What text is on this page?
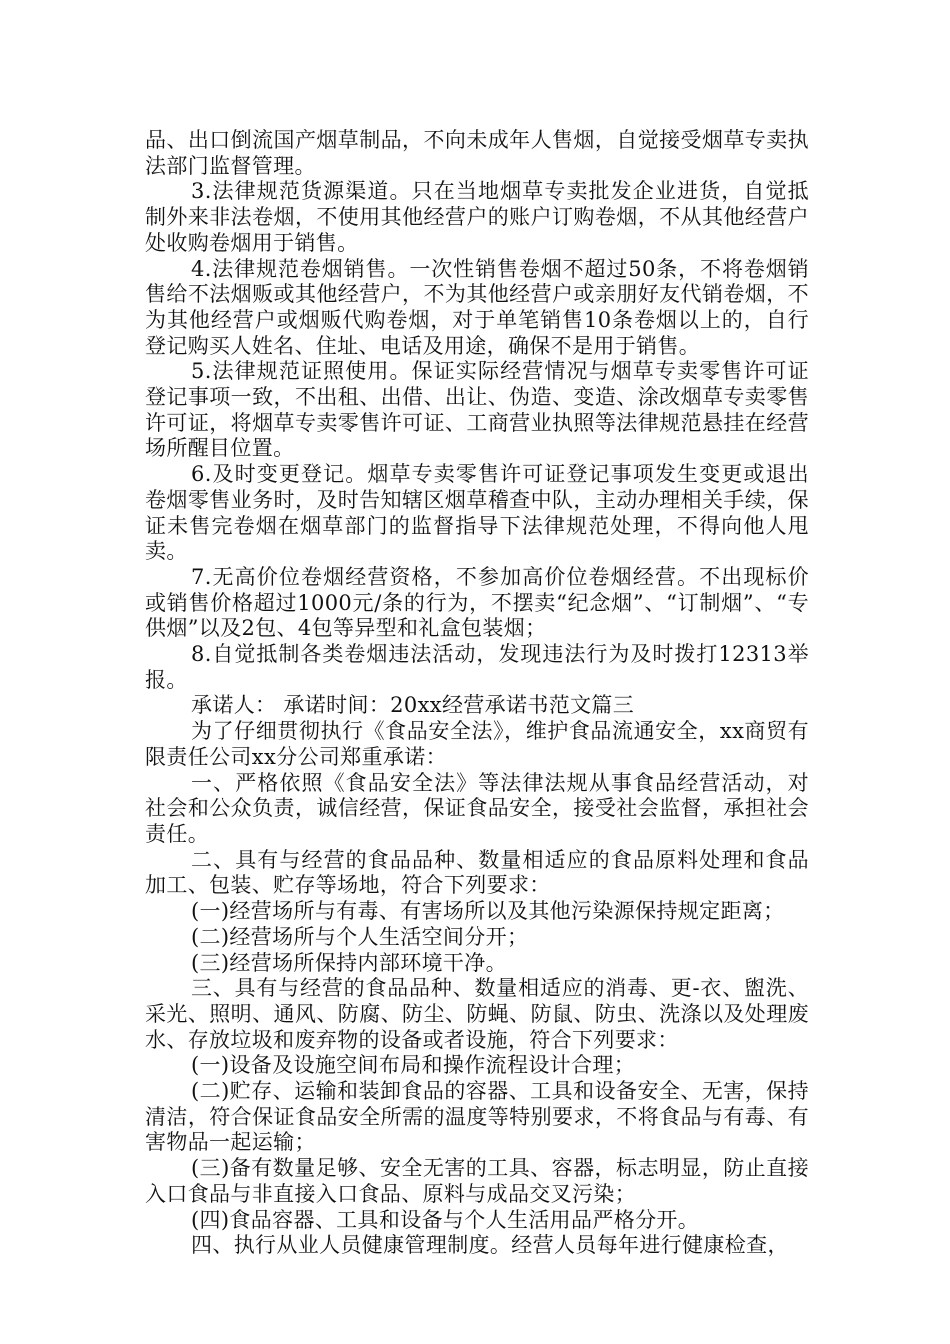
品、出口倒流国产烟草制品，不向未成年人售烟，自觉接受烟草专卖执法部门监督管理。

3.法律规范货源渠道。只在当地烟草专卖批发企业进货，自觉抵制外来非法卷烟，不使用其他经营户的账户订购卷烟，不从其他经营户处收购卷烟用于销售。

4.法律规范卷烟销售。一次性销售卷烟不超过50条，不将卷烟销售给不法烟贩或其他经营户，不为其他经营户或亲朋好友代销卷烟，不为其他经营户或烟贩代购卷烟，对于单笔销售10条卷烟以上的，自行登记购买人姓名、住址、电话及用途，确保不是用于销售。

5.法律规范证照使用。保证实际经营情况与烟草专卖零售许可证登记事项一致，不出租、出借、出让、伪造、变造、涂改烟草专卖零售许可证，将烟草专卖零售许可证、工商营业执照等法律规范悬挂在经营场所醒目位置。

6.及时变更登记。烟草专卖零售许可证登记事项发生变更或退出卷烟零售业务时，及时告知辖区烟草稽查中队，主动办理相关手续，保证未售完卷烟在烟草部门的监督指导下法律规范处理，不得向他人甩卖。

7.无高价位卷烟经营资格，不参加高价位卷烟经营。不出现标价或销售价格超过1000元/条的行为，不摆卖“纪念烟”、“订制烟”、“专供烟”以及2包、4包等异型和礼盒包装烟；

8.自觉抵制各类卷烟违法活动，发现违法行为及时拨打12313举报。

承诺人： 承诺时间：20xx经营承诺书范文篇三

为了仔细贯彻执行《食品安全法》，维护食品流通安全，xx商贸有限责任公司xx分公司郑重承诺：

一、严格依照《食品安全法》等法律法规从事食品经营活动，对社会和公众负责，诚信经营，保证食品安全，接受社会监督，承担社会责任。

二、具有与经营的食品品种、数量相适应的食品原料处理和食品加工、包装、贮存等场地，符合下列要求：

(一)经营场所与有毒、有害场所以及其他污染源保持规定距离；

(二)经营场所与个人生活空间分开；

(三)经营场所保持内部环境干净。

三、具有与经营的食品品种、数量相适应的消毒、更-衣、盥洗、采光、照明、通风、防腐、防尘、防蝇、防鼠、防虫、洗涤以及处理废水、存放垃圾和废弃物的设备或者设施，符合下列要求：

(一)设备及设施空间布局和操作流程设计合理；

(二)贮存、运输和装卸食品的容器、工具和设备安全、无害，保持清洁，符合保证食品安全所需的温度等特别要求，不将食品与有毒、有害物品一起运输；

(三)备有数量足够、安全无害的工具、容器，标志明显，防止直接入口食品与非直接入口食品、原料与成品交叉污染；

(四)食品容器、工具和设备与个人生活用品严格分开。

四、执行从业人员健康管理制度。经营人员每年进行健康检查，
